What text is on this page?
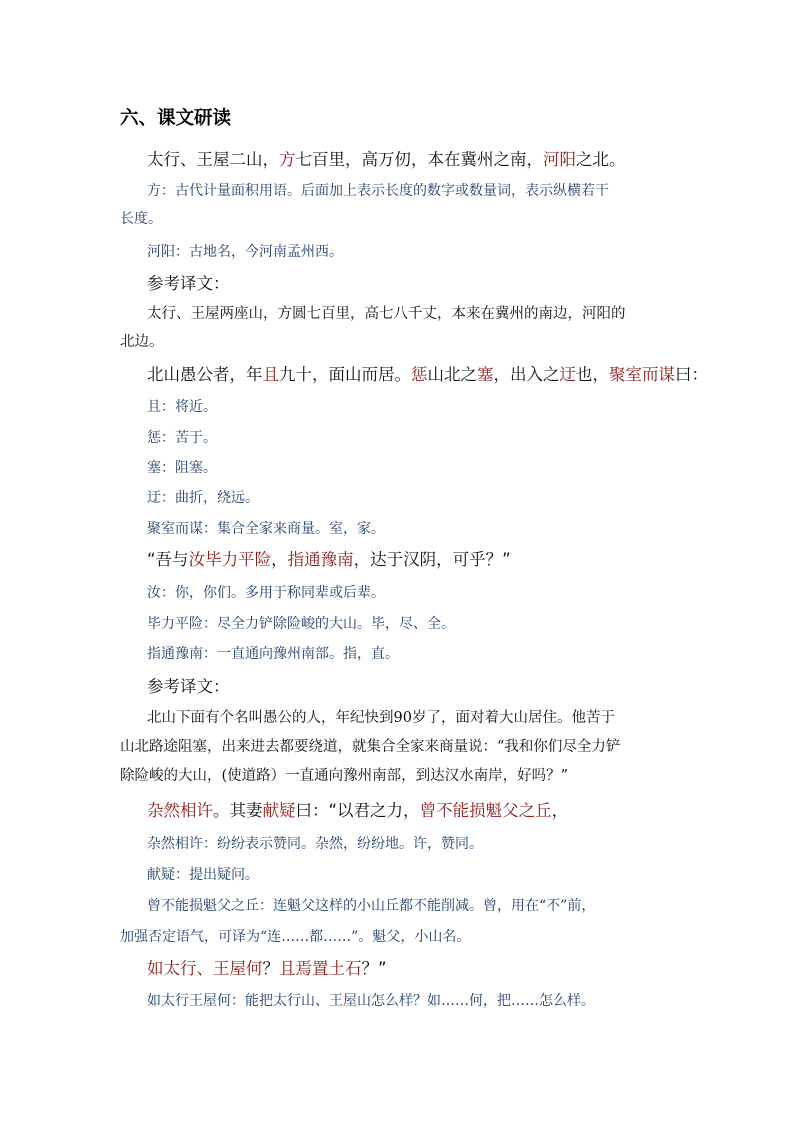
六、课文研读
太行、王屋二山，方七百里，高万仞，本在冀州之南，河阳之北。
方：古代计量面积用语。后面加上表示长度的数字或数量词，表示纵横若干
长度。
河阳：古地名，今河南孟州西。
参考译文：
太行、王屋两座山，方圆七百里，高七八千丈，本来在冀州的南边，河阳的
北边。
北山愚公者，年且九十，面山而居。惩山北之塞，出入之迂也，聚室而谋曰：
且：将近。
惩：苦于。
塞：阻塞。
迂：曲折，绕远。
聚室而谋：集合全家来商量。室，家。
“吾与汝毕力平险，指通豫南，达于汉阴，可乎？”
汝：你，你们。多用于称同辈或后辈。
毕力平险：尽全力铲除险峻的大山。毕，尽、全。
指通豫南：一直通向豫州南部。指，直。
参考译文：
北山下面有个名叫愚公的人，年纪快到90岁了，面对着大山居住。他苦于
山北路途阻塞，出来进去都要绕道，就集合全家来商量说：“我和你们尽全力铲
除险峻的大山，(使道路）一直通向豫州南部，到达汉水南岸，好吗？”
杂然相许。其妻献疑曰：“以君之力，曾不能损魁父之丘，
杂然相许：纷纷表示赞同。杂然，纷纷地。许，赞同。
献疑：提出疑问。
曾不能损魁父之丘：连魁父这样的小山丘都不能削减。曾，用在“不”前，
加强否定语气，可译为“连……都……”。魁父，小山名。
如太行、王屋何？且焉置土石？”
如太行王屋何：能把太行山、王屋山怎么样？如……何，把……怎么样。
